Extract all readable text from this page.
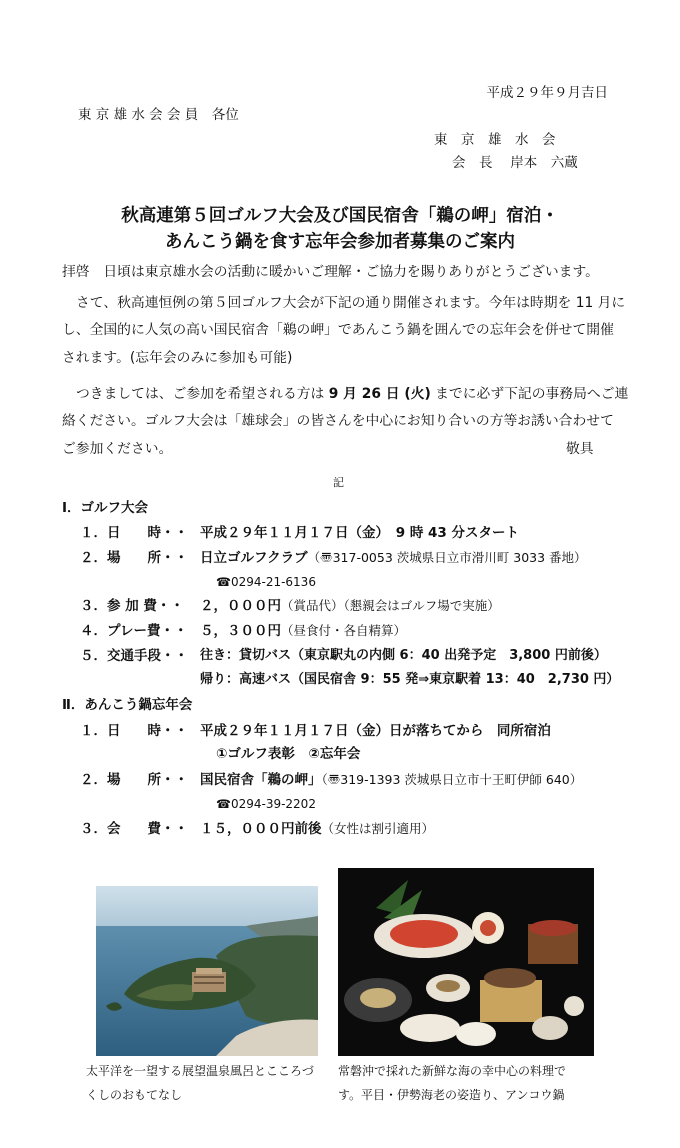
平成２９年９月吉日
東 京 雄 水 会 会 員　各位
東　京　雄　水　会
会　長　 岸本　六蔵
秋高連第５回ゴルフ大会及び国民宿舎「鵜の岬」宿泊・
あんこう鍋を食す忘年会参加者募集のご案内
拝啓　日頃は東京雄水会の活動に暖かいご理解・ご協力を賜りありがとうございます。
さて、秋高連恒例の第５回ゴルフ大会が下記の通り開催されます。今年は時期を 11 月に
し、全国的に人気の高い国民宿舎「鵜の岬」であんこう鍋を囲んでの忘年会を併せて開催
されます。(忘年会のみに参加も可能)
つきましては、ご参加を希望される方は 9 月 26 日 (火) までに必ず下記の事務局へご連
絡ください。ゴルフ大会は「雄球会」の皆さんを中心にお知り合いの方等お誘い合わせて
ご参加ください。	敬具
記
Ⅰ．ゴルフ大会
１．日　　時・・ 平成２９年１１月１７日（金）　9 時 43 分スタート
２．場　　所・・ 日立ゴルフクラブ（〠317-0053 茨城県日立市滑川町 3033 番地）
☎0294-21-6136
３．参 加 費・・ ２，０００円（賞品代）（懇親会はゴルフ場で実施）
４．プレー費・・ ５，３００円（昼食付・各自精算）
５．交通手段・・ 往き：貸切バス（東京駅丸の内側 6：40 出発予定　3,800 円前後）
帰り：高速バス（国民宿舎 9：55 発⇒東京駅着 13：40　2,730 円）
Ⅱ．あんこう鍋忘年会
１．日　　時・・ 平成２９年１１月１７日（金）日が落ちてから　同所宿泊
①ゴルフ表彰　②忘年会
２．場　　所・・ 国民宿舎「鵜の岬」（〠319-1393 茨城県日立市十王町伊師 640）
☎0294-39-2202
３．会　　費・・ １５，０００円前後（女性は割引適用）
太平洋を一望する展望温泉風呂とこころづ
くしのおもてなし
常磐沖で採れた新鮮な海の幸中心の料理で
す。平目・伊勢海老の姿造り、アンコウ鍋
